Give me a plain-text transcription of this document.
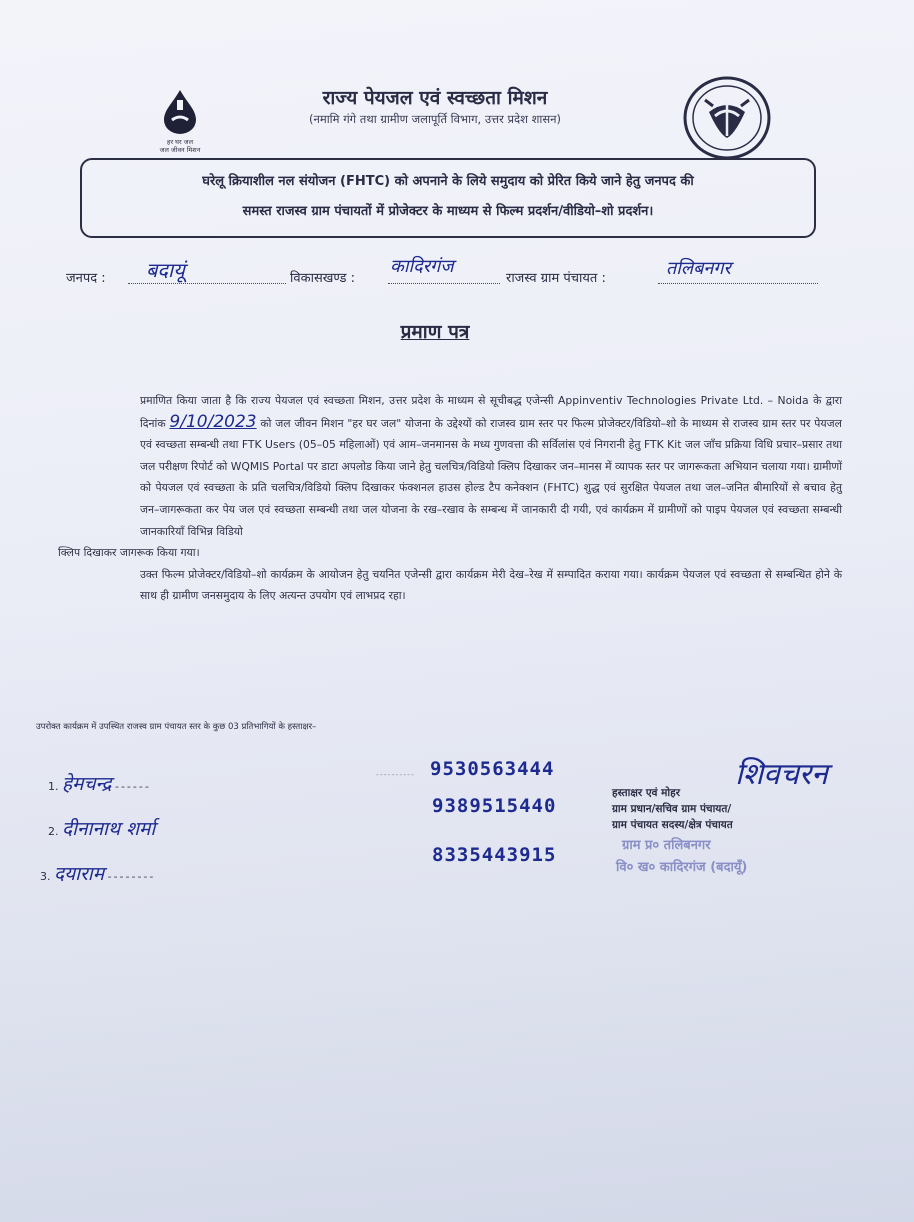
हर घर जल
जल जीवन मिशन
राज्य पेयजल एवं स्वच्छता मिशन
(नमामि गंगे तथा ग्रामीण जलापूर्ति विभाग, उत्तर प्रदेश शासन)
घरेलू क्रियाशील नल संयोजन (FHTC) को अपनाने के लिये समुदाय को प्रेरित किये जाने हेतु जनपद की
समस्त राजस्व ग्राम पंचायतों में प्रोजेक्टर के माध्यम से फिल्म प्रदर्शन/वीडियो–शो प्रदर्शन।
जनपद : बदायूं	विकासखण्ड :
कादिरगंज
राजस्व ग्राम पंचायत :	तलिबनगर
प्रमाण पत्र

प्रमाणित किया जाता है कि राज्य पेयजल एवं स्वच्छता मिशन, उत्तर प्रदेश के माध्यम से सूचीबद्ध एजेन्सी Appinventiv Technologies Private Ltd. – Noida के द्वारा दिनांक 9/10/2023 को जल जीवन मिशन "हर घर जल" योजना के उद्देश्यों को राजस्व ग्राम स्तर पर फिल्म प्रोजेक्टर/विडियो–शो के माध्यम से राजस्व ग्राम स्तर पर पेयजल एवं स्वच्छता सम्बन्धी तथा FTK Users (05–05 महिलाओं) एवं आम–जनमानस के मध्य गुणवत्ता की सर्विलांस एवं निगरानी हेतु FTK Kit जल जाँच प्रक्रिया विधि प्रचार–प्रसार तथा जल परीक्षण रिपोर्ट को WQMIS Portal पर डाटा अपलोड किया जाने हेतु चलचित्र/विडियो क्लिप दिखाकर जन–मानस में व्यापक स्तर पर जागरूकता अभियान चलाया गया। ग्रामीणों को पेयजल एवं स्वच्छता के प्रति चलचित्र/विडियो क्लिप दिखाकर फंक्शनल हाउस होल्ड टैप कनेक्शन (FHTC) शुद्ध एवं सुरक्षित पेयजल तथा जल–जनित बीमारियों से बचाव हेतु जन–जागरूकता कर पेय जल एवं स्वच्छता सम्बन्धी तथा जल योजना के रख–रखाव के सम्बन्ध में जानकारी दी गयी, एवं कार्यक्रम में ग्रामीणों को पाइप पेयजल एवं स्वच्छता सम्बन्धी जानकारियाँ विभिन्न विडियो

क्लिप दिखाकर जागरूक किया गया।

उक्त फिल्म प्रोजेक्टर/विडियो–शो कार्यक्रम के आयोजन हेतु चयनित एजेन्सी द्वारा कार्यक्रम मेरी देख–रेख में सम्पादित कराया गया। कार्यक्रम पेयजल एवं स्वच्छता से सम्बन्धित होने के साथ ही ग्रामीण जनसमुदाय के लिए अत्यन्त उपयोग एवं लाभप्रद रहा।

उपरोक्त कार्यक्रम में उपस्थित राजस्व ग्राम पंचायत स्तर के कुछ 03 प्रतिभागियों के हस्ताक्षर–
1. हेमचन्द्र ------
2. दीनानाथ शर्मा
3. दयाराम --------
---------- 9530563444
9389515440
8335443915	ग्राम प्र० तलिबनगर
वि० ख० कादिरगंज (बदायूँ)
हस्ताक्षर एवं मोहर
ग्राम प्रधान/सचिव ग्राम पंचायत/
ग्राम पंचायत सदस्य/क्षेत्र पंचायत
शिवचरन
